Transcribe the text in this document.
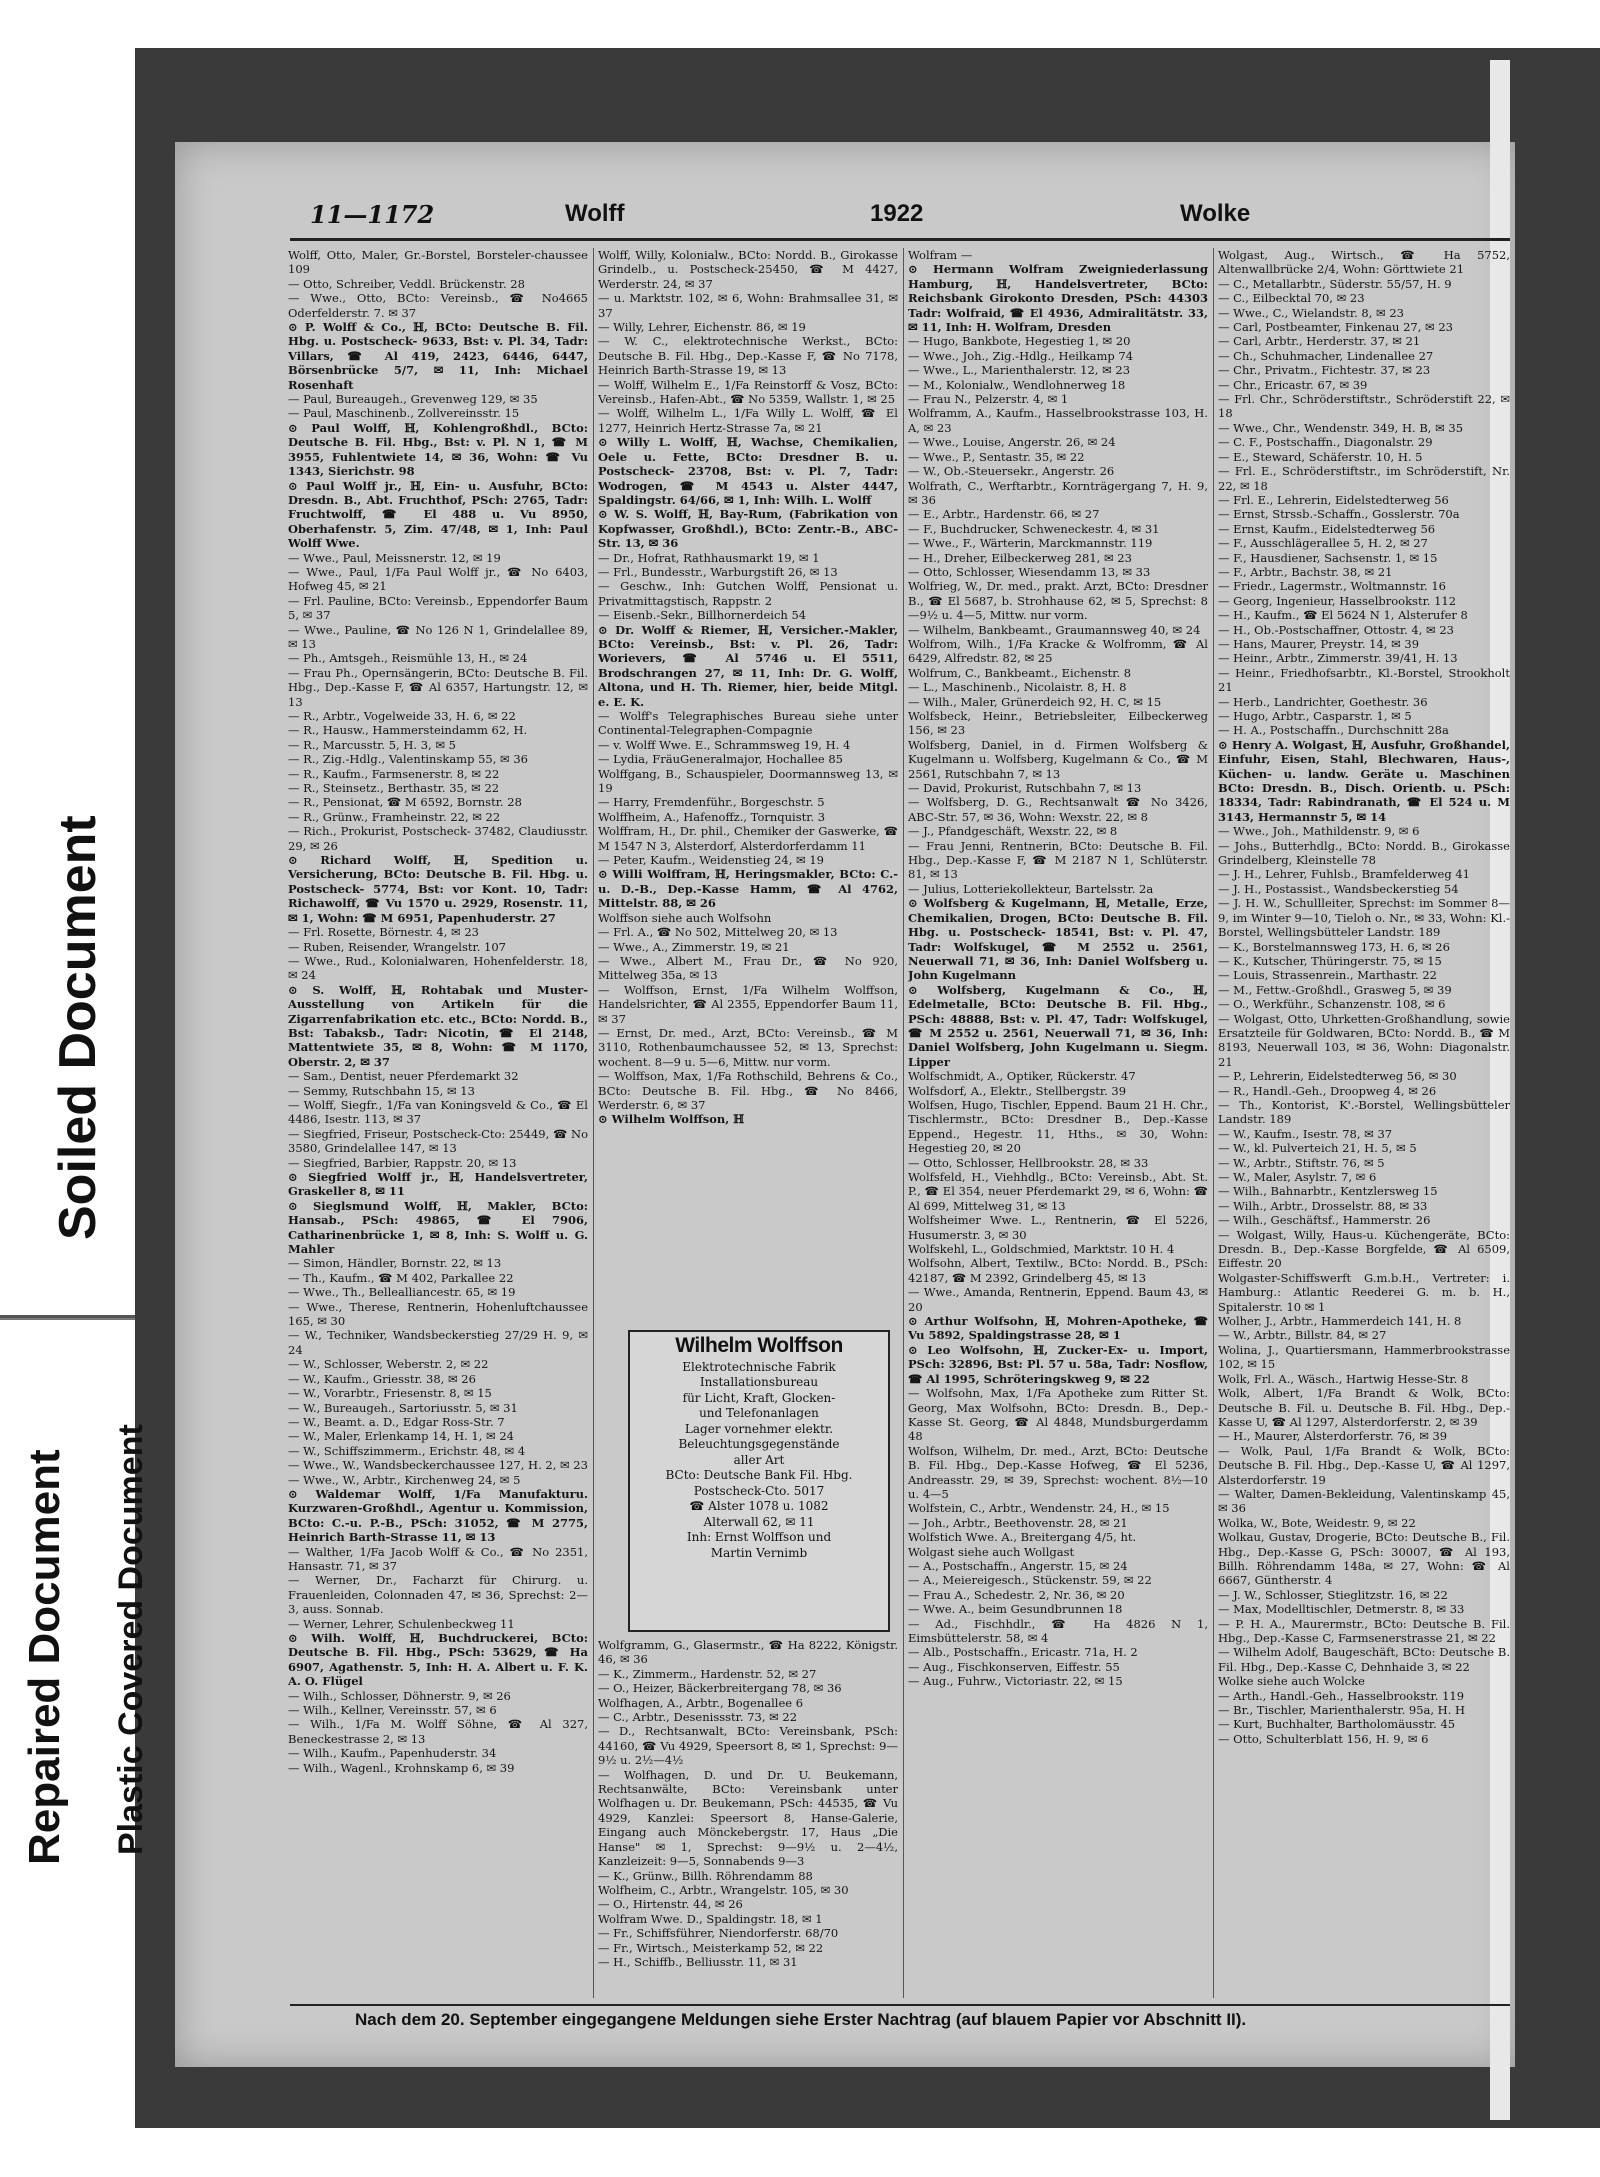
Soiled Document
Repaired Document Plastic Covered Document
11—1172	Wolff	1922	Wolke

Wolff, Otto, Maler, Gr.-Borstel, Borsteler-chaussee 109

— Otto, Schreiber, Veddl. Brückenstr. 28

— Wwe., Otto, BCto: Vereinsb., ☎ No4665 Oderfelderstr. 7. ✉ 37

⊙ P. Wolff & Co., ℍ, BCto: Deutsche B. Fil. Hbg. u. Postscheck- 9633, Bst: v. Pl. 34, Tadr: Villars, ☎ Al 419, 2423, 6446, 6447, Börsenbrücke 5/7, ✉ 11, Inh: Michael Rosenhaft

— Paul, Bureaugeh., Grevenweg 129, ✉ 35

— Paul, Maschinenb., Zollvereinsstr. 15

⊙ Paul Wolff, ℍ, Kohlengroßhdl., BCto: Deutsche B. Fil. Hbg., Bst: v. Pl. N 1, ☎ M 3955, Fuhlentwiete 14, ✉ 36, Wohn: ☎ Vu 1343, Sierichstr. 98

⊙ Paul Wolff jr., ℍ, Ein- u. Ausfuhr, BCto: Dresdn. B., Abt. Fruchthof, PSch: 2765, Tadr: Fruchtwolff, ☎ El 488 u. Vu 8950, Oberhafenstr. 5, Zim. 47/48, ✉ 1, Inh: Paul Wolff Wwe.

— Wwe., Paul, Meissnerstr. 12, ✉ 19

— Wwe., Paul, 1/Fa Paul Wolff jr., ☎ No 6403, Hofweg 45, ✉ 21

— Frl. Pauline, BCto: Vereinsb., Eppendorfer Baum 5, ✉ 37

— Wwe., Pauline, ☎ No 126 N 1, Grindelallee 89, ✉ 13

— Ph., Amtsgeh., Reismühle 13, H., ✉ 24

— Frau Ph., Opernsängerin, BCto: Deutsche B. Fil. Hbg., Dep.-Kasse F, ☎ Al 6357, Hartungstr. 12, ✉ 13

— R., Arbtr., Vogelweide 33, H. 6, ✉ 22

— R., Hausw., Hammersteindamm 62, H.

— R., Marcusstr. 5, H. 3, ✉ 5

— R., Zig.-Hdlg., Valentinskamp 55, ✉ 36

— R., Kaufm., Farmsenerstr. 8, ✉ 22

— R., Steinsetz., Berthastr. 35, ✉ 22

— R., Pensionat, ☎ M 6592, Bornstr. 28

— R., Grünw., Framheinstr. 22, ✉ 22

— Rich., Prokurist, Postscheck- 37482, Claudiusstr. 29, ✉ 26

⊙ Richard Wolff, ℍ, Spedition u. Versicherung, BCto: Deutsche B. Fil. Hbg. u. Postscheck- 5774, Bst: vor Kont. 10, Tadr: Richawolff, ☎ Vu 1570 u. 2929, Rosenstr. 11, ✉ 1, Wohn: ☎ M 6951, Papenhuderstr. 27

— Frl. Rosette, Börnestr. 4, ✉ 23

— Ruben, Reisender, Wrangelstr. 107

— Wwe., Rud., Kolonialwaren, Hohenfelderstr. 18, ✉ 24

⊙ S. Wolff, ℍ, Rohtabak und Muster-Ausstellung von Artikeln für die Zigarrenfabrikation etc. etc., BCto: Nordd. B., Bst: Tabaksb., Tadr: Nicotin, ☎ El 2148, Mattentwiete 35, ✉ 8, Wohn: ☎ M 1170, Oberstr. 2, ✉ 37

— Sam., Dentist, neuer Pferdemarkt 32

— Semmy, Rutschbahn 15, ✉ 13

— Wolff, Siegfr., 1/Fa van Koningsveld & Co., ☎ El 4486, Isestr. 113, ✉ 37

— Siegfried, Friseur, Postscheck-Cto: 25449, ☎ No 3580, Grindelallee 147, ✉ 13

— Siegfried, Barbier, Rappstr. 20, ✉ 13

⊙ Siegfried Wolff jr., ℍ, Handelsvertreter, Graskeller 8, ✉ 11

⊙ Sieglsmund Wolff, ℍ, Makler, BCto: Hansab., PSch: 49865, ☎ El 7906, Catharinenbrücke 1, ✉ 8, Inh: S. Wolff u. G. Mahler

— Simon, Händler, Bornstr. 22, ✉ 13

— Th., Kaufm., ☎ M 402, Parkallee 22

— Wwe., Th., Bellealliancestr. 65, ✉ 19

— Wwe., Therese, Rentnerin, Hohenluftchaussee 165, ✉ 30

— W., Techniker, Wandsbeckerstieg 27/29 H. 9, ✉ 24

— W., Schlosser, Weberstr. 2, ✉ 22

— W., Kaufm., Griesstr. 38, ✉ 26

— W., Vorarbtr., Friesenstr. 8, ✉ 15

— W., Bureaugeh., Sartoriusstr. 5, ✉ 31

— W., Beamt. a. D., Edgar Ross-Str. 7

— W., Maler, Erlenkamp 14, H. 1, ✉ 24

— W., Schiffszimmerm., Erichstr. 48, ✉ 4

— Wwe., W., Wandsbeckerchaussee 127, H. 2, ✉ 23

— Wwe., W., Arbtr., Kirchenweg 24, ✉ 5

⊙ Waldemar Wolff, 1/Fa Manufakturu. Kurzwaren-Großhdl., Agentur u. Kommission, BCto: C.-u. P.-B., PSch: 31052, ☎ M 2775, Heinrich Barth-Strasse 11, ✉ 13

— Walther, 1/Fa Jacob Wolff & Co., ☎ No 2351, Hansastr. 71, ✉ 37

— Werner, Dr., Facharzt für Chirurg. u. Frauenleiden, Colonnaden 47, ✉ 36, Sprechst: 2—3, auss. Sonnab.

— Werner, Lehrer, Schulenbeckweg 11

⊙ Wilh. Wolff, ℍ, Buchdruckerei, BCto: Deutsche B. Fil. Hbg., PSch: 53629, ☎ Ha 6907, Agathenstr. 5, Inh: H. A. Albert u. F. K. A. O. Flügel

— Wilh., Schlosser, Döhnerstr. 9, ✉ 26

— Wilh., Kellner, Vereinsstr. 57, ✉ 6

— Wilh., 1/Fa M. Wolff Söhne, ☎ Al 327, Beneckestrasse 2, ✉ 13

— Wilh., Kaufm., Papenhuderstr. 34

— Wilh., Wagenl., Krohnskamp 6, ✉ 39

Wolff, Willy, Kolonialw., BCto: Nordd. B., Girokasse Grindelb., u. Postscheck-25450, ☎ M 4427, Werderstr. 24, ✉ 37

— u. Marktstr. 102, ✉ 6, Wohn: Brahmsallee 31, ✉ 37

— Willy, Lehrer, Eichenstr. 86, ✉ 19

— W. C., elektrotechnische Werkst., BCto: Deutsche B. Fil. Hbg., Dep.-Kasse F, ☎ No 7178, Heinrich Barth-Strasse 19, ✉ 13

— Wolff, Wilhelm E., 1/Fa Reinstorff & Vosz, BCto: Vereinsb., Hafen-Abt., ☎ No 5359, Wallstr. 1, ✉ 25

— Wolff, Wilhelm L., 1/Fa Willy L. Wolff, ☎ El 1277, Heinrich Hertz-Strasse 7a, ✉ 21

⊙ Willy L. Wolff, ℍ, Wachse, Chemikalien, Oele u. Fette, BCto: Dresdner B. u. Postscheck- 23708, Bst: v. Pl. 7, Tadr: Wodrogen, ☎ M 4543 u. Alster 4447, Spaldingstr. 64/66, ✉ 1, Inh: Wilh. L. Wolff

⊙ W. S. Wolff, ℍ, Bay-Rum, (Fabrikation von Kopfwasser, Großhdl.), BCto: Zentr.-B., ABC-Str. 13, ✉ 36

— Dr., Hofrat, Rathhausmarkt 19, ✉ 1

— Frl., Bundesstr., Warburgstift 26, ✉ 13

— Geschw., Inh: Gutchen Wolff, Pensionat u. Privatmittagstisch, Rappstr. 2

— Eisenb.-Sekr., Billhornerdeich 54

⊙ Dr. Wolff & Riemer, ℍ, Versicher.-Makler, BCto: Vereinsb., Bst: v. Pl. 26, Tadr: Worievers, ☎ Al 5746 u. El 5511, Brodschrangen 27, ✉ 11, Inh: Dr. G. Wolff, Altona, und H. Th. Riemer, hier, beide Mitgl. e. E. K.

— Wolff's Telegraphisches Bureau siehe unter Continental-Telegraphen-Compagnie

— v. Wolff Wwe. E., Schrammsweg 19, H. 4

— Lydia, FräuGeneralmajor, Hochallee 85

Wolffgang, B., Schauspieler, Doormannsweg 13, ✉ 19

— Harry, Fremdenführ., Borgeschstr. 5

Wolffheim, A., Hafenoffz., Tornquistr. 3

Wolffram, H., Dr. phil., Chemiker der Gaswerke, ☎ M 1547 N 3, Alsterdorf, Alsterdorferdamm 11

— Peter, Kaufm., Weidenstieg 24, ✉ 19

⊙ Willi Wolffram, ℍ, Heringsmakler, BCto: C.- u. D.-B., Dep.-Kasse Hamm, ☎ Al 4762, Mittelstr. 88, ✉ 26

Wolffson siehe auch Wolfsohn

— Frl. A., ☎ No 502, Mittelweg 20, ✉ 13

— Wwe., A., Zimmerstr. 19, ✉ 21

— Wwe., Albert M., Frau Dr., ☎ No 920, Mittelweg 35a, ✉ 13

— Wolffson, Ernst, 1/Fa Wilhelm Wolffson, Handelsrichter, ☎ Al 2355, Eppendorfer Baum 11, ✉ 37

— Ernst, Dr. med., Arzt, BCto: Vereinsb., ☎ M 3110, Rothenbaumchaussee 52, ✉ 13, Sprechst: wochent. 8—9 u. 5—6, Mittw. nur vorm.

— Wolffson, Max, 1/Fa Rothschild, Behrens & Co., BCto: Deutsche B. Fil. Hbg., ☎ No 8466, Werderstr. 6, ✉ 37

⊙ Wilhelm Wolffson, ℍ

Wolfgramm, G., Glasermstr., ☎ Ha 8222, Königstr. 46, ✉ 36

— K., Zimmerm., Hardenstr. 52, ✉ 27

— O., Heizer, Bäckerbreitergang 78, ✉ 36

Wolfhagen, A., Arbtr., Bogenallee 6

— C., Arbtr., Desenissstr. 73, ✉ 22

— D., Rechtsanwalt, BCto: Vereinsbank, PSch: 44160, ☎ Vu 4929, Speersort 8, ✉ 1, Sprechst: 9—9½ u. 2½—4½

— Wolfhagen, D. und Dr. U. Beukemann, Rechtsanwälte, BCto: Vereinsbank unter Wolfhagen u. Dr. Beukemann, PSch: 44535, ☎ Vu 4929, Kanzlei: Speersort 8, Hanse-Galerie, Eingang auch Mönckebergstr. 17, Haus „Die Hanse" ✉ 1, Sprechst: 9—9½ u. 2—4½, Kanzleizeit: 9—5, Sonnabends 9—3

— K., Grünw., Billh. Röhrendamm 88

Wolfheim, C., Arbtr., Wrangelstr. 105, ✉ 30

— O., Hirtenstr. 44, ✉ 26

Wolfram Wwe. D., Spaldingstr. 18, ✉ 1

— Fr., Schiffsführer, Niendorferstr. 68/70

— Fr., Wirtsch., Meisterkamp 52, ✉ 22

— H., Schiffb., Belliusstr. 11, ✉ 31

Wolfram —

⊙ Hermann Wolfram Zweigniederlassung Hamburg, ℍ, Handelsvertreter, BCto: Reichsbank Girokonto Dresden, PSch: 44303 Tadr: Wolfraid, ☎ El 4936, Admiralitätstr. 33, ✉ 11, Inh: H. Wolfram, Dresden

— Hugo, Bankbote, Hegestieg 1, ✉ 20

— Wwe., Joh., Zig.-Hdlg., Heilkamp 74

— Wwe., L., Marienthalerstr. 12, ✉ 23

— M., Kolonialw., Wendlohnerweg 18

— Frau N., Pelzerstr. 4, ✉ 1

Wolframm, A., Kaufm., Hasselbrookstrasse 103, H. A, ✉ 23

— Wwe., Louise, Angerstr. 26, ✉ 24

— Wwe., P., Sentastr. 35, ✉ 22

— W., Ob.-Steuersekr., Angerstr. 26

Wolfrath, C., Werftarbtr., Kornträgergang 7, H. 9, ✉ 36

— E., Arbtr., Hardenstr. 66, ✉ 27

— F., Buchdrucker, Schweneckestr. 4, ✉ 31

— Wwe., F., Wärterin, Marckmannstr. 119

— H., Dreher, Eilbeckerweg 281, ✉ 23

— Otto, Schlosser, Wiesendamm 13, ✉ 33

Wolfrieg, W., Dr. med., prakt. Arzt, BCto: Dresdner B., ☎ El 5687, b. Strohhause 62, ✉ 5, Sprechst: 8—9½ u. 4—5, Mittw. nur vorm.

— Wilhelm, Bankbeamt., Graumannsweg 40, ✉ 24

Wolfrom, Wilh., 1/Fa Kracke & Wolfromm, ☎ Al 6429, Alfredstr. 82, ✉ 25

Wolfrum, C., Bankbeamt., Eichenstr. 8

— L., Maschinenb., Nicolaistr. 8, H. 8

— Wilh., Maler, Grünerdeich 92, H. C, ✉ 15

Wolfsbeck, Heinr., Betriebsleiter, Eilbeckerweg 156, ✉ 23

Wolfsberg, Daniel, in d. Firmen Wolfsberg & Kugelmann u. Wolfsberg, Kugelmann & Co., ☎ M 2561, Rutschbahn 7, ✉ 13

— David, Prokurist, Rutschbahn 7, ✉ 13

— Wolfsberg, D. G., Rechtsanwalt ☎ No 3426, ABC-Str. 57, ✉ 36, Wohn: Wexstr. 22, ✉ 8

— J., Pfandgeschäft, Wexstr. 22, ✉ 8

— Frau Jenni, Rentnerin, BCto: Deutsche B. Fil. Hbg., Dep.-Kasse F, ☎ M 2187 N 1, Schlüterstr. 81, ✉ 13

— Julius, Lotteriekollekteur, Bartelsstr. 2a

⊙ Wolfsberg & Kugelmann, ℍ, Metalle, Erze, Chemikalien, Drogen, BCto: Deutsche B. Fil. Hbg. u. Postscheck- 18541, Bst: v. Pl. 47, Tadr: Wolfskugel, ☎ M 2552 u. 2561, Neuerwall 71, ✉ 36, Inh: Daniel Wolfsberg u. John Kugelmann

⊙ Wolfsberg, Kugelmann & Co., ℍ, Edelmetalle, BCto: Deutsche B. Fil. Hbg., PSch: 48888, Bst: v. Pl. 47, Tadr: Wolfskugel, ☎ M 2552 u. 2561, Neuerwall 71, ✉ 36, Inh: Daniel Wolfsberg, John Kugelmann u. Siegm. Lipper

Wolfschmidt, A., Optiker, Rückerstr. 47

Wolfsdorf, A., Elektr., Stellbergstr. 39

Wolfsen, Hugo, Tischler, Eppend. Baum 21 H. Chr., Tischlermstr., BCto: Dresdner B., Dep.-Kasse Eppend., Hegestr. 11, Hths., ✉ 30, Wohn: Hegestieg 20, ✉ 20

— Otto, Schlosser, Hellbrookstr. 28, ✉ 33

Wolfsfeld, H., Viehhdlg., BCto: Vereinsb., Abt. St. P., ☎ El 354, neuer Pferdemarkt 29, ✉ 6, Wohn: ☎ Al 699, Mittelweg 31, ✉ 13

Wolfsheimer Wwe. L., Rentnerin, ☎ El 5226, Husumerstr. 3, ✉ 30

Wolfskehl, L., Goldschmied, Marktstr. 10 H. 4

Wolfsohn, Albert, Textilw., BCto: Nordd. B., PSch: 42187, ☎ M 2392, Grindelberg 45, ✉ 13

— Wwe., Amanda, Rentnerin, Eppend. Baum 43, ✉ 20

⊙ Arthur Wolfsohn, ℍ, Mohren-Apotheke, ☎ Vu 5892, Spaldingstrasse 28, ✉ 1

⊙ Leo Wolfsohn, ℍ, Zucker-Ex- u. Import, PSch: 32896, Bst: Pl. 57 u. 58a, Tadr: Nosflow, ☎ Al 1995, Schröteringskweg 9, ✉ 22

— Wolfsohn, Max, 1/Fa Apotheke zum Ritter St. Georg, Max Wolfsohn, BCto: Dresdn. B., Dep.-Kasse St. Georg, ☎ Al 4848, Mundsburgerdamm 48

Wolfson, Wilhelm, Dr. med., Arzt, BCto: Deutsche B. Fil. Hbg., Dep.-Kasse Hofweg, ☎ El 5236, Andreasstr. 29, ✉ 39, Sprechst: wochent. 8½—10 u. 4—5

Wolfstein, C., Arbtr., Wendenstr. 24, H., ✉ 15

— Joh., Arbtr., Beethovenstr. 28, ✉ 21

Wolfstich Wwe. A., Breitergang 4/5, ht.

Wolgast siehe auch Wollgast

— A., Postschaffn., Angerstr. 15, ✉ 24

— A., Meiereigesch., Stückenstr. 59, ✉ 22

— Frau A., Schedestr. 2, Nr. 36, ✉ 20

— Wwe. A., beim Gesundbrunnen 18

— Ad., Fischhdlr., ☎ Ha 4826 N 1, Eimsbüttelerstr. 58, ✉ 4

— Alb., Postschaffn., Ericastr. 71a, H. 2

— Aug., Fischkonserven, Eiffestr. 55

— Aug., Fuhrw., Victoriastr. 22, ✉ 15

Wolgast, Aug., Wirtsch., ☎ Ha 5752, Altenwallbrücke 2/4, Wohn: Görttwiete 21

— C., Metallarbtr., Süderstr. 55/57, H. 9

— C., Eilbecktal 70, ✉ 23

— Wwe., C., Wielandstr. 8, ✉ 23

— Carl, Postbeamter, Finkenau 27, ✉ 23

— Carl, Arbtr., Herderstr. 37, ✉ 21

— Ch., Schuhmacher, Lindenallee 27

— Chr., Privatm., Fichtestr. 37, ✉ 23

— Chr., Ericastr. 67, ✉ 39

— Frl. Chr., Schröderstiftstr., Schröderstift 22, ✉ 18

— Wwe., Chr., Wendenstr. 349, H. B, ✉ 35

— C. F., Postschaffn., Diagonalstr. 29

— E., Steward, Schäferstr. 10, H. 5

— Frl. E., Schröderstiftstr., im Schröderstift, Nr. 22, ✉ 18

— Frl. E., Lehrerin, Eidelstedterweg 56

— Ernst, Strssb.-Schaffn., Gosslerstr. 70a

— Ernst, Kaufm., Eidelstedterweg 56

— F., Ausschlägerallee 5, H. 2, ✉ 27

— F., Hausdiener, Sachsenstr. 1, ✉ 15

— F., Arbtr., Bachstr. 38, ✉ 21

— Friedr., Lagermstr., Woltmannstr. 16

— Georg, Ingenieur, Hasselbrookstr. 112

— H., Kaufm., ☎ El 5624 N 1, Alsterufer 8

— H., Ob.-Postschaffner, Ottostr. 4, ✉ 23

— Hans, Maurer, Preystr. 14, ✉ 39

— Heinr., Arbtr., Zimmerstr. 39/41, H. 13

— Heinr., Friedhofsarbtr., Kl.-Borstel, Strookholt 21

— Herb., Landrichter, Goethestr. 36

— Hugo, Arbtr., Casparstr. 1, ✉ 5

— H. A., Postschaffn., Durchschnitt 28a

⊙ Henry A. Wolgast, ℍ, Ausfuhr, Großhandel, Einfuhr, Eisen, Stahl, Blechwaren, Haus-, Küchen- u. landw. Geräte u. Maschinen BCto: Dresdn. B., Disch. Orientb. u. PSch: 18334, Tadr: Rabindranath, ☎ El 524 u. M 3143, Hermannstr 5, ✉ 14

— Wwe., Joh., Mathildenstr. 9, ✉ 6

— Johs., Butterhdlg., BCto: Nordd. B., Girokasse Grindelberg, Kleinstelle 78

— J. H., Lehrer, Fuhlsb., Bramfelderweg 41

— J. H., Postassist., Wandsbeckerstieg 54

— J. H. W., Schullleiter, Sprechst: im Sommer 8—9, im Winter 9—10, Tieloh o. Nr., ✉ 33, Wohn: Kl.-Borstel, Wellingsbütteler Landstr. 189

— K., Borstelmannsweg 173, H. 6, ✉ 26

— K., Kutscher, Thüringerstr. 75, ✉ 15

— Louis, Strassenrein., Marthastr. 22

— M., Fettw.-Großhdl., Grasweg 5, ✉ 39

— O., Werkführ., Schanzenstr. 108, ✉ 6

— Wolgast, Otto, Uhrketten-Großhandlung, sowie Ersatzteile für Goldwaren, BCto: Nordd. B., ☎ M 8193, Neuerwall 103, ✉ 36, Wohn: Diagonalstr. 21

— P., Lehrerin, Eidelstedterweg 56, ✉ 30

— R., Handl.-Geh., Droopweg 4, ✉ 26

— Th., Kontorist, K'.-Borstel, Wellingsbütteler Landstr. 189

— W., Kaufm., Isestr. 78, ✉ 37

— W., kl. Pulverteich 21, H. 5, ✉ 5

— W., Arbtr., Stiftstr. 76, ✉ 5

— W., Maler, Asylstr. 7, ✉ 6

— Wilh., Bahnarbtr., Kentzlersweg 15

— Wilh., Arbtr., Drosselstr. 88, ✉ 33

— Wilh., Geschäftsf., Hammerstr. 26

— Wolgast, Willy, Haus-u. Küchengeräte, BCto: Dresdn. B., Dep.-Kasse Borgfelde, ☎ Al 6509, Eiffestr. 20

Wolgaster-Schiffswerft G.m.b.H., Vertreter: i. Hamburg.: Atlantic Reederei G. m. b. H., Spitalerstr. 10 ✉ 1

Wolher, J., Arbtr., Hammerdeich 141, H. 8

— W., Arbtr., Billstr. 84, ✉ 27

Wolina, J., Quartiersmann, Hammerbrookstrasse 102, ✉ 15

Wolk, Frl. A., Wäsch., Hartwig Hesse-Str. 8

Wolk, Albert, 1/Fa Brandt & Wolk, BCto: Deutsche B. Fil. u. Deutsche B. Fil. Hbg., Dep.-Kasse U, ☎ Al 1297, Alsterdorferstr. 2, ✉ 39

— H., Maurer, Alsterdorferstr. 76, ✉ 39

— Wolk, Paul, 1/Fa Brandt & Wolk, BCto: Deutsche B. Fil. Hbg., Dep.-Kasse U, ☎ Al 1297, Alsterdorferstr. 19

— Walter, Damen-Bekleidung, Valentinskamp 45, ✉ 36

Wolka, W., Bote, Weidestr. 9, ✉ 22

Wolkau, Gustav, Drogerie, BCto: Deutsche B., Fil. Hbg., Dep.-Kasse G, PSch: 30007, ☎ Al 193, Billh. Röhrendamm 148a, ✉ 27, Wohn: ☎ Al 6667, Güntherstr. 4

— J. W., Schlosser, Stieglitzstr. 16, ✉ 22

— Max, Modelltischler, Detmerstr. 8, ✉ 33

— P. H. A., Maurermstr., BCto: Deutsche B. Fil. Hbg., Dep.-Kasse C, Farmsenerstrasse 21, ✉ 22

— Wilhelm Adolf, Baugeschäft, BCto: Deutsche B. Fil. Hbg., Dep.-Kasse C, Dehnhaide 3, ✉ 22

Wolke siehe auch Wolcke

— Arth., Handl.-Geh., Hasselbrookstr. 119

— Br., Tischler, Marienthalerstr. 95a, H. H

— Kurt, Buchhalter, Bartholomäusstr. 45

— Otto, Schulterblatt 156, H. 9, ✉ 6

Wilhelm Wolffson

Elektrotechnische Fabrik

Installationsbureau

für Licht, Kraft, Glocken-

und Telefonanlagen

Lager vornehmer elektr.

Beleuchtungsgegenstände

aller Art

BCto: Deutsche Bank Fil. Hbg.

Postscheck-Cto. 5017

☎ Alster 1078 u. 1082

Alterwall 62, ✉ 11

Inh: Ernst Wolffson und

Martin Vernimb

Nach dem 20. September eingegangene Meldungen siehe Erster Nachtrag (auf blauem Papier vor Abschnitt II).
